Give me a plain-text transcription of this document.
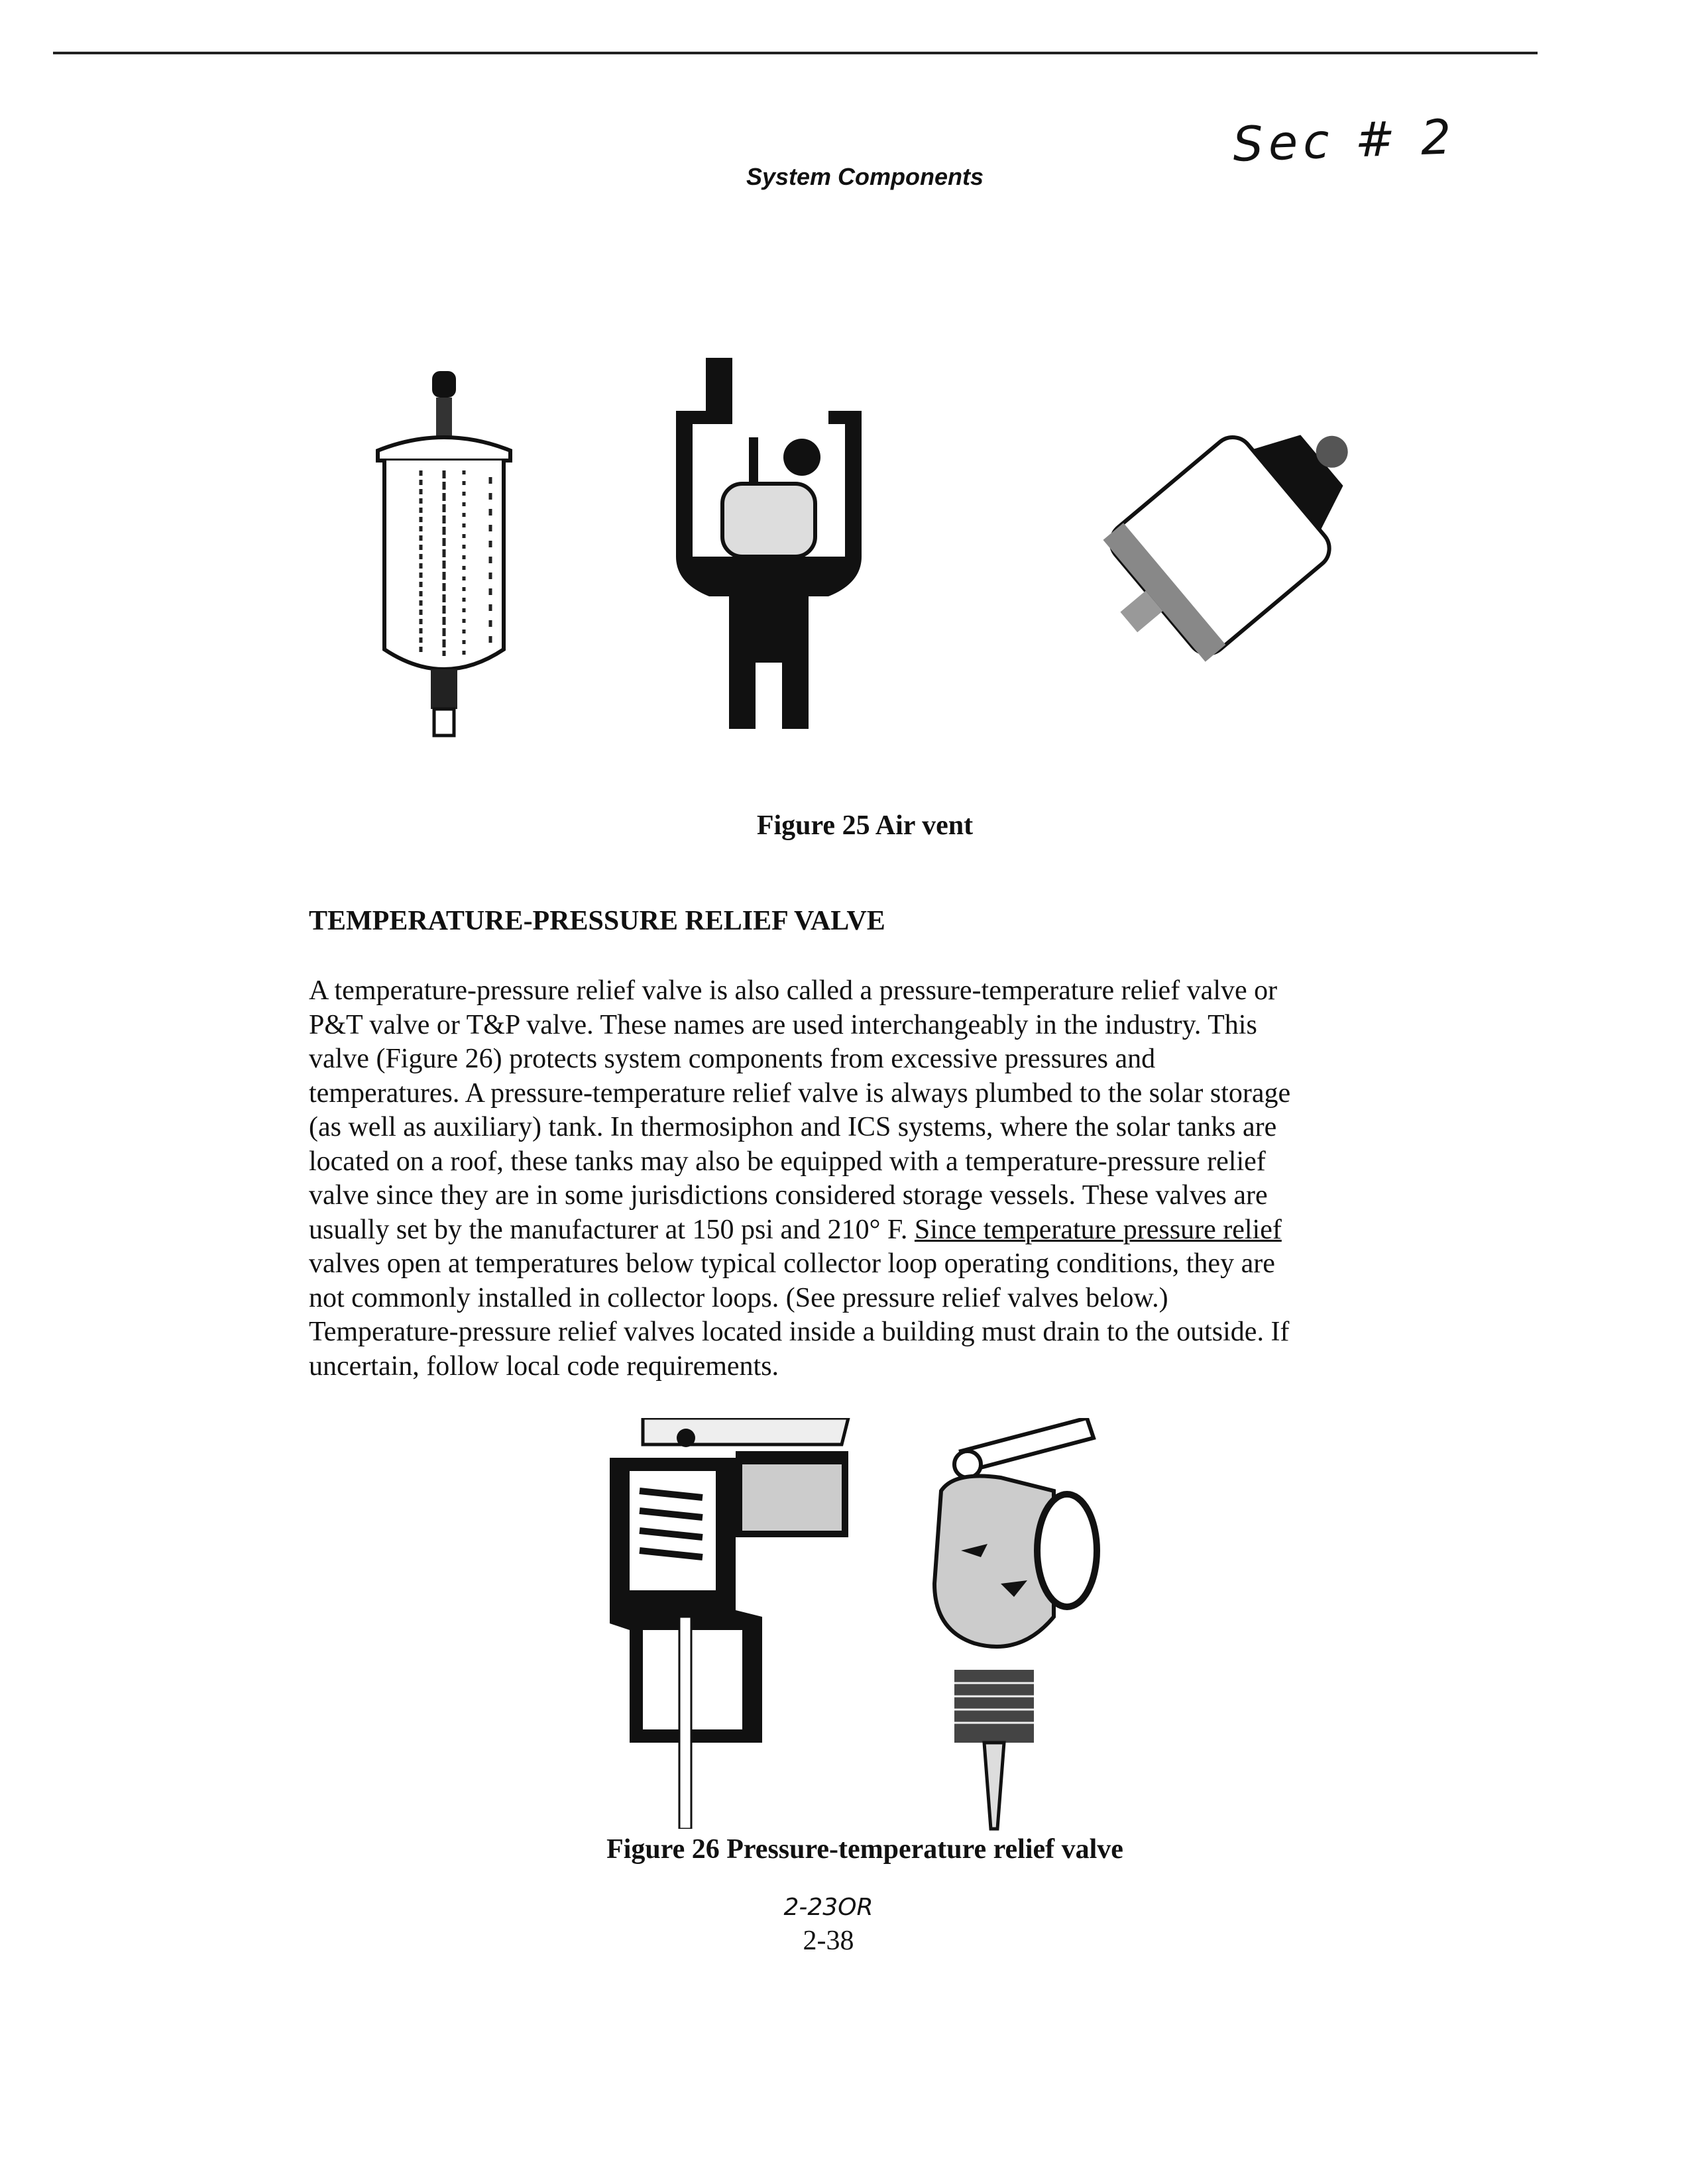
System Components
Sec # 2
Figure 25 Air vent
TEMPERATURE-PRESSURE RELIEF VALVE
A temperature-pressure relief valve is also called a pressure-temperature relief valve or
P&T valve or T&P valve. These names are used interchangeably in the industry. This
valve (Figure 26) protects system components from excessive pressures and
temperatures. A pressure-temperature relief valve is always plumbed to the solar storage
(as well as auxiliary) tank. In thermosiphon and ICS systems, where the solar tanks are
located on a roof, these tanks may also be equipped with a temperature-pressure relief
valve since they are in some jurisdictions considered storage vessels. These valves are
usually set by the manufacturer at 150 psi and 210° F. Since temperature pressure relief
valves open at temperatures below typical collector loop operating conditions, they are
not commonly installed in collector loops. (See pressure relief valves below.)
Temperature-pressure relief valves located inside a building must drain to the outside. If
uncertain, follow local code requirements.
Figure 26 Pressure-temperature relief valve
2-23OR
2-38
